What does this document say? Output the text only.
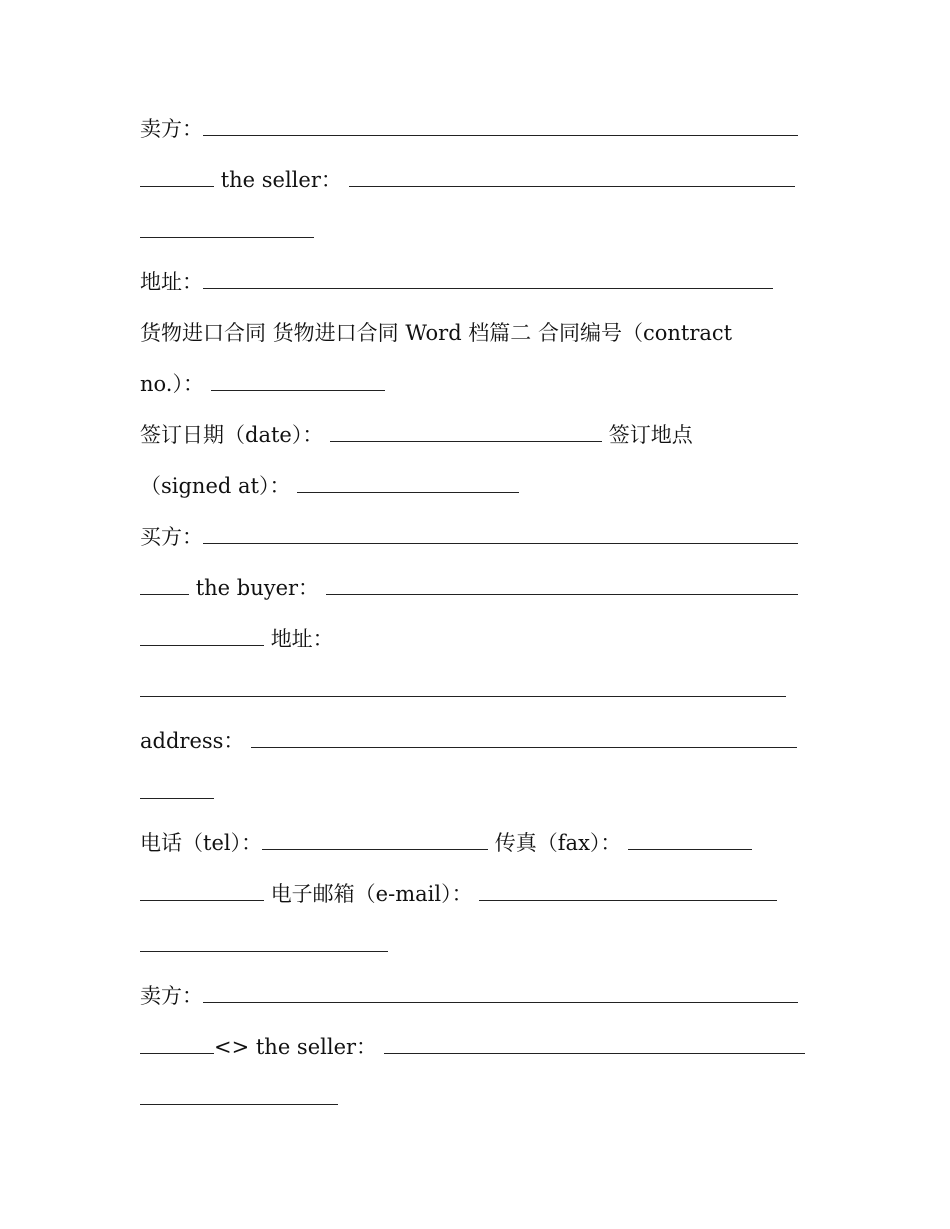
卖方：
the seller：
地址：
货物进口合同 货物进口合同 Word 档篇二 合同编号（contract
no.）：
签订日期（date）：	签订地点
（signed at）：
买方：
the buyer：
地址：
address：
电话（tel）：	传真（fax）：
电子邮箱（e-mail）：
卖方：
<> the seller：
